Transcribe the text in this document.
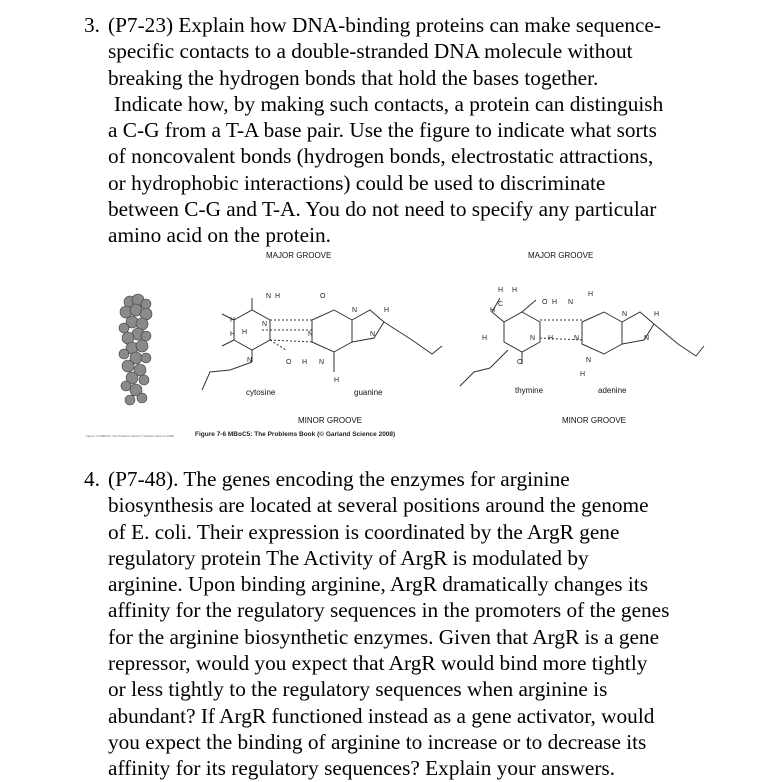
3. (P7-23) Explain how DNA-binding proteins can make sequence-
specific contacts to a double-stranded DNA molecule without
breaking the hydrogen bonds that hold the bases together.
Indicate how, by making such contacts, a protein can distinguish
a C-G from a T-A base pair. Use the figure to indicate what sorts
of noncovalent bonds (hydrogen bonds, electrostatic attractions,
or hydrophobic interactions) could be used to discriminate
between C-G and T-A. You do not need to specify any particular
amino acid on the protein.
N H	O
H
N
N
H
H
N	O H N
N	H
N
H
H H
H
C	O H N
H
H	N H	N
O
N	H
N
N
H
MAJOR GROOVE	MAJOR GROOVE
cytosine	guanine	thymine	adenine
MINOR GROOVE	MINOR GROOVE
Figure 7-6 MBoC5: The Problems Book (© Garland Science 2008)	Figure 7-6 MBoC5: The Problems Book (© Garland Science 2008)
4. (P7-48). The genes encoding the enzymes for arginine
biosynthesis are located at several positions around the genome
of E. coli. Their expression is coordinated by the ArgR gene
regulatory protein The Activity of ArgR is modulated by
arginine. Upon binding arginine, ArgR dramatically changes its
affinity for the regulatory sequences in the promoters of the genes
for the arginine biosynthetic enzymes. Given that ArgR is a gene
repressor, would you expect that ArgR would bind more tightly
or less tightly to the regulatory sequences when arginine is
abundant? If ArgR functioned instead as a gene activator, would
you expect the binding of arginine to increase or to decrease its
affinity for its regulatory sequences? Explain your answers.
